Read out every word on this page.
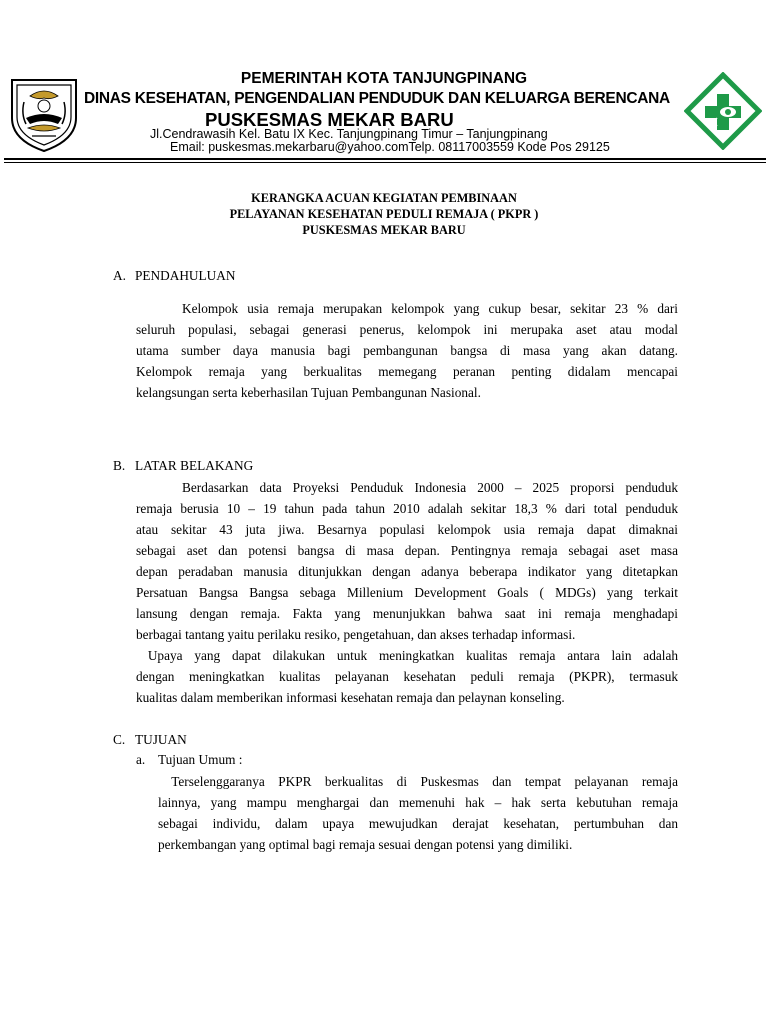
PEMERINTAH KOTA TANJUNGPINANG
DINAS KESEHATAN, PENGENDALIAN PENDUDUK DAN KELUARGA BERENCANA
PUSKESMAS MEKAR BARU
Jl.Cendrawasih Kel. Batu IX Kec. Tanjungpinang Timur – Tanjungpinang
Email: puskesmas.mekarbaru@yahoo.comTelp. 08117003559 Kode Pos 29125
KERANGKA ACUAN KEGIATAN PEMBINAAN
PELAYANAN KESEHATAN PEDULI REMAJA ( PKPR )
PUSKESMAS MEKAR BARU
A. PENDAHULUAN

Kelompok usia remaja merupakan kelompok yang cukup besar, sekitar 23 % dari

seluruh populasi, sebagai generasi penerus, kelompok ini merupaka aset atau modal

utama sumber daya manusia bagi pembangunan bangsa di masa yang akan datang.

Kelompok remaja yang berkualitas memegang peranan penting didalam mencapai

kelangsungan serta keberhasilan Tujuan Pembangunan Nasional.

B. LATAR BELAKANG

Berdasarkan data Proyeksi Penduduk Indonesia 2000 – 2025 proporsi penduduk

remaja berusia 10 – 19 tahun pada tahun 2010 adalah sekitar 18,3 % dari total penduduk

atau sekitar 43 juta jiwa. Besarnya populasi kelompok usia remaja dapat dimaknai

sebagai aset dan potensi bangsa di masa depan. Pentingnya remaja sebagai aset masa

depan peradaban manusia ditunjukkan dengan adanya beberapa indikator yang ditetapkan

Persatuan Bangsa Bangsa sebaga Millenium Development Goals ( MDGs) yang terkait

lansung dengan remaja. Fakta yang menunjukkan bahwa saat ini remaja menghadapi

berbagai tantang yaitu perilaku resiko, pengetahuan, dan akses terhadap informasi.

Upaya yang dapat dilakukan untuk meningkatkan kualitas remaja antara lain adalah

dengan meningkatkan kualitas pelayanan kesehatan peduli remaja (PKPR), termasuk

kualitas dalam memberikan informasi kesehatan remaja dan pelaynan konseling.

C. TUJUAN
a. Tujuan Umum :

Terselenggaranya PKPR berkualitas di Puskesmas dan tempat pelayanan remaja

lainnya, yang mampu menghargai dan memenuhi hak – hak serta kebutuhan remaja

sebagai individu, dalam upaya mewujudkan derajat kesehatan, pertumbuhan dan

perkembangan yang optimal bagi remaja sesuai dengan potensi yang dimiliki.
